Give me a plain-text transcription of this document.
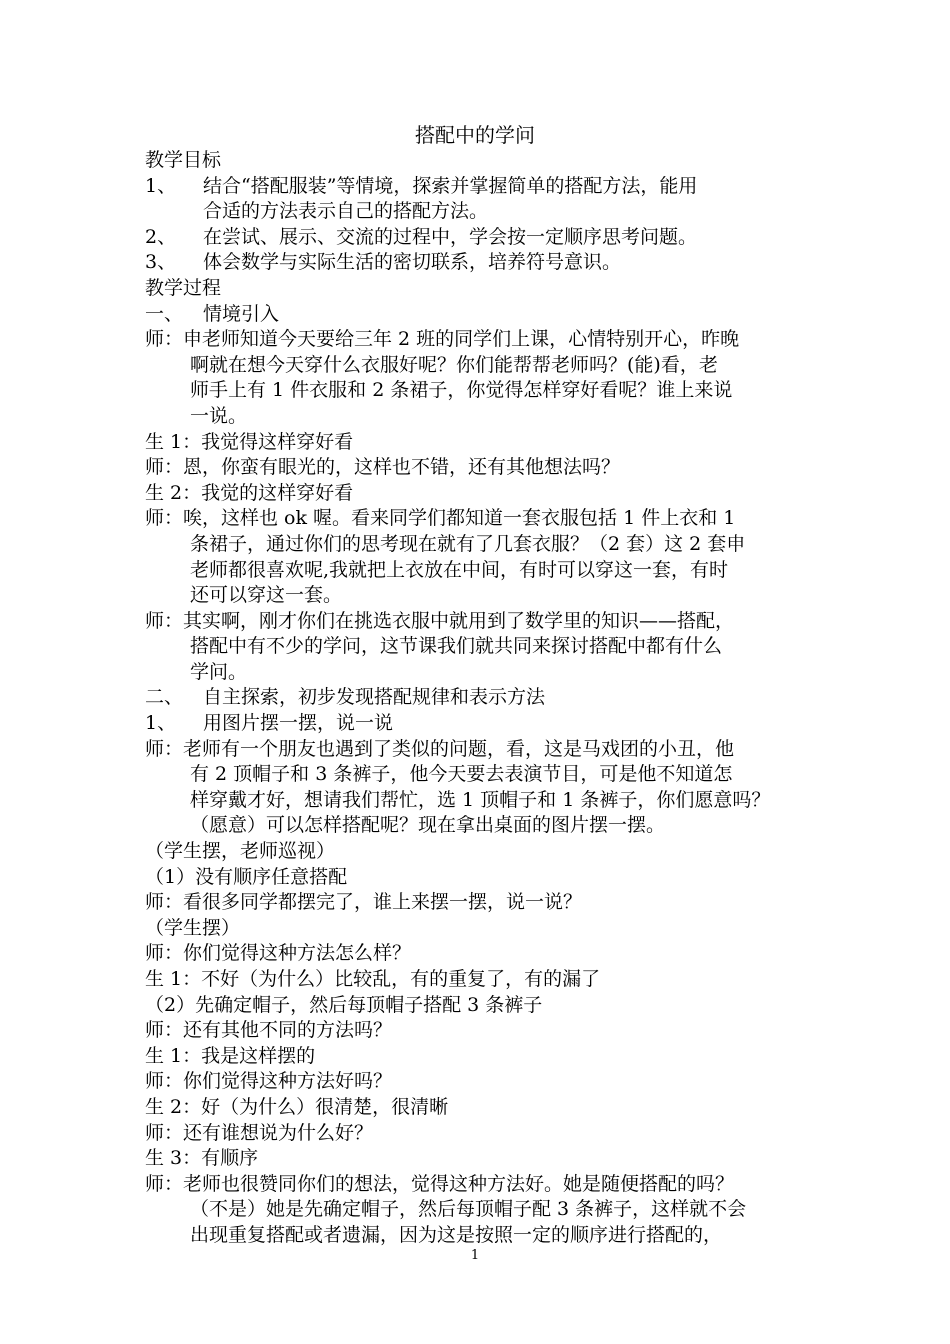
搭配中的学问
教学目标
1、	结合“搭配服装”等情境，探索并掌握简单的搭配方法，能用
合适的方法表示自己的搭配方法。
2、	在尝试、展示、交流的过程中，学会按一定顺序思考问题。
3、	体会数学与实际生活的密切联系，培养符号意识。
教学过程
一、	情境引入
师：申老师知道今天要给三年 2 班的同学们上课，心情特别开心，昨晚
啊就在想今天穿什么衣服好呢？你们能帮帮老师吗？(能)看，老
师手上有 1 件衣服和 2 条裙子，你觉得怎样穿好看呢？谁上来说
一说。
生 1：我觉得这样穿好看
师：恩，你蛮有眼光的，这样也不错，还有其他想法吗？
生 2：我觉的这样穿好看
师：唉，这样也 ok 喔。看来同学们都知道一套衣服包括 1 件上衣和 1
条裙子，通过你们的思考现在就有了几套衣服？（2 套）这 2 套申
老师都很喜欢呢,我就把上衣放在中间，有时可以穿这一套，有时
还可以穿这一套。
师：其实啊，刚才你们在挑选衣服中就用到了数学里的知识——搭配，
搭配中有不少的学问，这节课我们就共同来探讨搭配中都有什么
学问。
二、	自主探索，初步发现搭配规律和表示方法
1、	用图片摆一摆，说一说
师：老师有一个朋友也遇到了类似的问题，看，这是马戏团的小丑，他
有 2 顶帽子和 3 条裤子，他今天要去表演节目，可是他不知道怎
样穿戴才好，想请我们帮忙，选 1 顶帽子和 1 条裤子，你们愿意吗？
（愿意）可以怎样搭配呢？现在拿出桌面的图片摆一摆。
（学生摆，老师巡视）
（1）没有顺序任意搭配
师：看很多同学都摆完了，谁上来摆一摆，说一说？
（学生摆）
师：你们觉得这种方法怎么样？
生 1：不好（为什么）比较乱，有的重复了，有的漏了
（2）先确定帽子，然后每顶帽子搭配 3 条裤子
师：还有其他不同的方法吗？
生 1：我是这样摆的
师：你们觉得这种方法好吗？
生 2：好（为什么）很清楚，很清晰
师：还有谁想说为什么好？
生 3：有顺序
师：老师也很赞同你们的想法，觉得这种方法好。她是随便搭配的吗？
（不是）她是先确定帽子，然后每顶帽子配 3 条裤子，这样就不会
出现重复搭配或者遗漏，因为这是按照一定的顺序进行搭配的，
1
